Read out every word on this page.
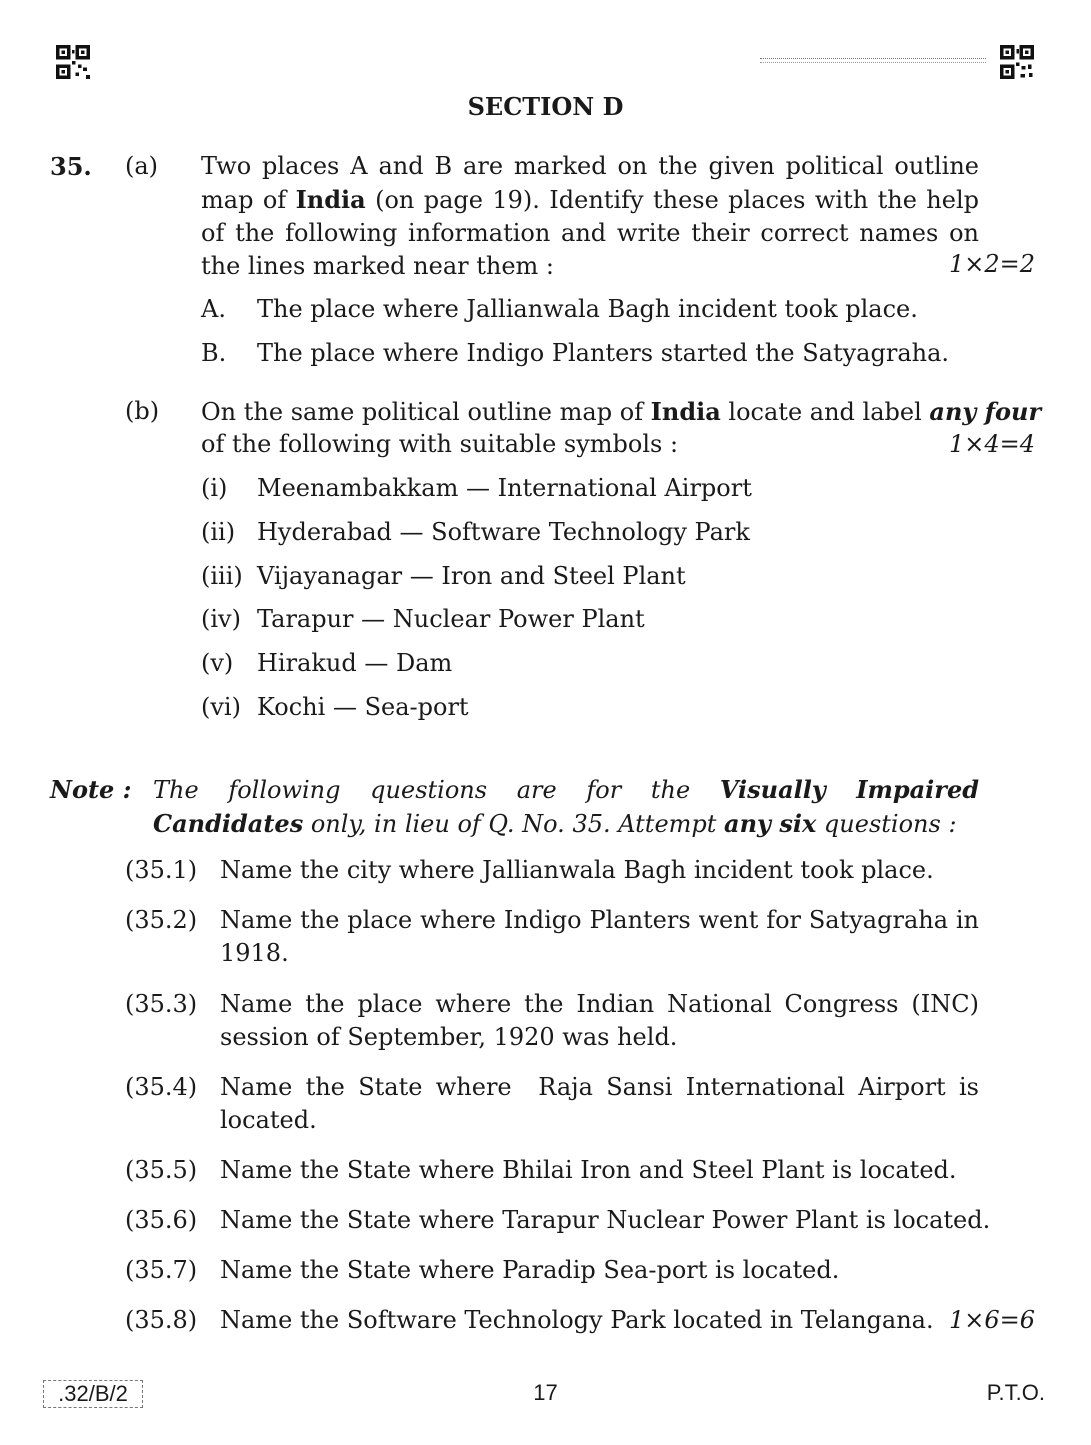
SECTION D
35. (a) Two places A and B are marked on the given political outline map of India (on page 19). Identify these places with the help of the following information and write their correct names on the lines marked near them :	1×2=2
A. The place where Jallianwala Bagh incident took place.
B. The place where Indigo Planters started the Satyagraha.
(b) On the same political outline map of India locate and label any four
of the following with suitable symbols :	1×4=4
(i) Meenambakkam — International Airport
(ii) Hyderabad — Software Technology Park
(iii) Vijayanagar — Iron and Steel Plant
(iv) Tarapur — Nuclear Power Plant
(v) Hirakud — Dam
(vi) Kochi — Sea-port
Note : The following questions are for the Visually Impaired Candidates only, in lieu of Q. No. 35. Attempt any six questions :
(35.1) Name the city where Jallianwala Bagh incident took place.
(35.2) Name the place where Indigo Planters went for Satyagraha in
1918.
(35.3) Name the place where the Indian National Congress (INC)
session of September, 1920 was held.
(35.4) Name the State where  Raja Sansi International Airport is
located.
(35.5) Name the State where Bhilai Iron and Steel Plant is located.
(35.6) Name the State where Tarapur Nuclear Power Plant is located.
(35.7) Name the State where Paradip Sea-port is located.
(35.8) Name the Software Technology Park located in Telangana. 1×6=6
.32/B/2	17	P.T.O.
